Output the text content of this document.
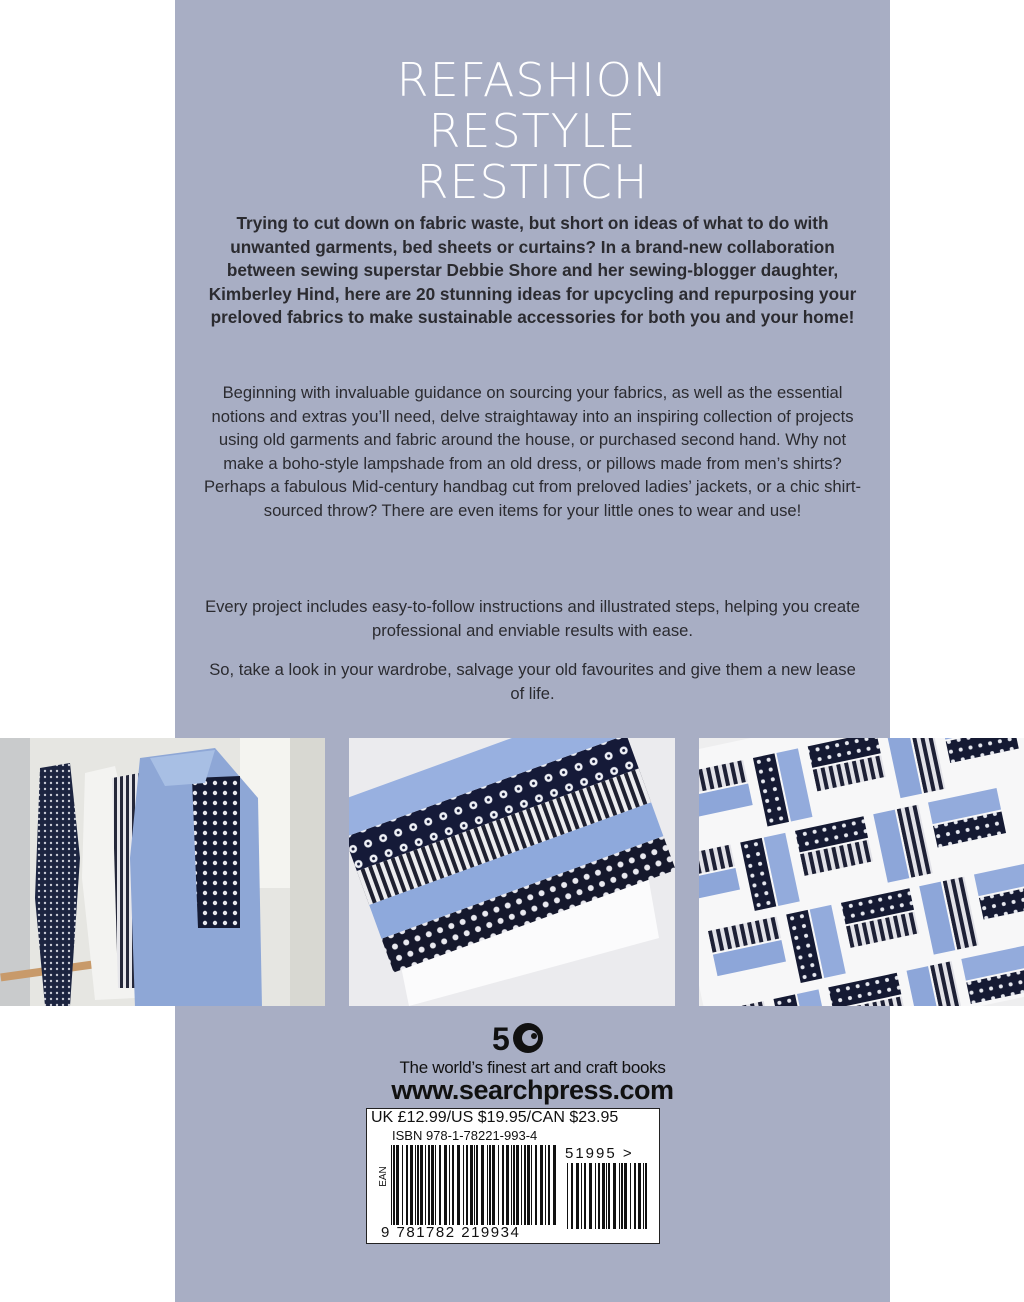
REFASHION
RESTYLE
RESTITCH

Trying to cut down on fabric waste, but short on ideas of what to do with unwanted garments, bed sheets or curtains? In a brand-new collaboration between sewing superstar Debbie Shore and her sewing-blogger daughter, Kimberley Hind, here are 20 stunning ideas for upcycling and repurposing your preloved fabrics to make sustainable accessories for both you and your home!

Beginning with invaluable guidance on sourcing your fabrics, as well as the essential notions and extras you’ll need, delve straightaway into an inspiring collection of projects using old garments and fabric around the house, or purchased second hand. Why not make a boho-style lampshade from an old dress, or pillows made from men’s shirts? Perhaps a fabulous Mid-century handbag cut from preloved ladies’ jackets, or a chic shirt-sourced throw? There are even items for your little ones to wear and use!

Every project includes easy-to-follow instructions and illustrated steps, helping you create professional and enviable results with ease.

So, take a look in your wardrobe, salvage your old favourites and give them a new lease of life.

5
The world’s finest art and craft books
www.searchpress.com
UK £12.99/US $19.95/CAN $23.95
ISBN 978-1-78221-993-4
EAN
51995 >
9 781782 219934
